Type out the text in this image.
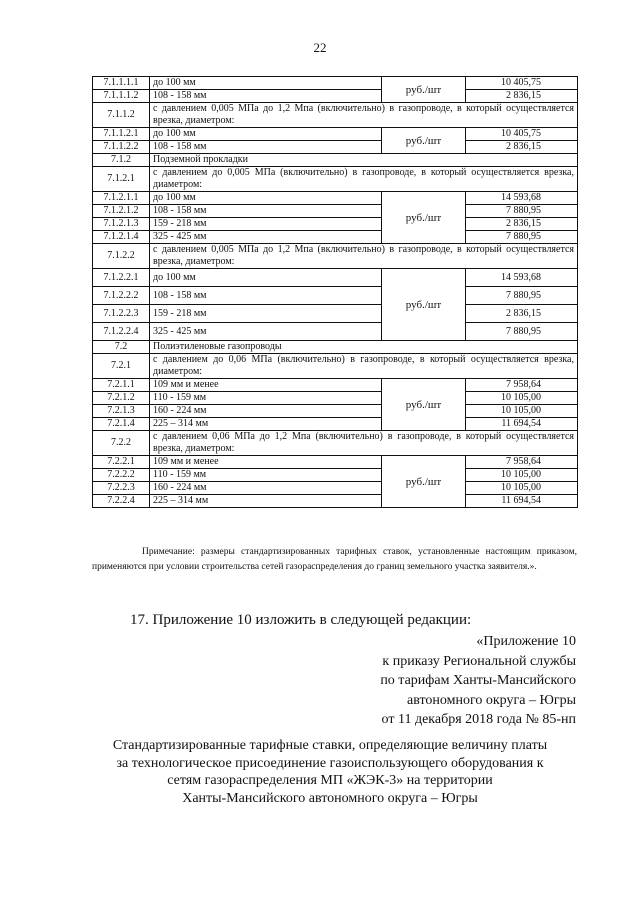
22
7.1.1.1.1	до 100 мм	руб./шт	10 405,75
7.1.1.1.2	108 - 158 мм		2 836,15
7.1.1.2	с давлением 0,005 МПа до 1,2 Мпа (включительно) в газопроводе, в который осуществляется врезка, диаметром:		
7.1.1.2.1	до 100 мм	руб./шт	10 405,75
7.1.1.2.2	108 - 158 мм		2 836,15
7.1.2	Подземной прокладки		
7.1.2.1	с давлением до 0,005 МПа (включительно) в газопроводе, в который осуществляется врезка, диаметром:		
7.1.2.1.1	до 100 мм	руб./шт	14 593,68
7.1.2.1.2	108 - 158 мм		7 880,95
7.1.2.1.3	159 - 218 мм		2 836,15
7.1.2.1.4	325 - 425 мм		7 880,95
7.1.2.2	с давлением 0,005 МПа до 1,2 Мпа (включительно) в газопроводе, в который осуществляется врезка, диаметром:		
7.1.2.2.1	до 100 мм	руб./шт	14 593,68
7.1.2.2.2	108 - 158 мм		7 880,95
7.1.2.2.3	159 - 218 мм		2 836,15
7.1.2.2.4	325 - 425 мм		7 880,95
7.2	Полиэтиленовые газопроводы		
7.2.1	с давлением до 0,06 МПа (включительно) в газопроводе, в который осуществляется врезка, диаметром:		
7.2.1.1	109 мм и менее	руб./шт	7 958,64
7.2.1.2	110 - 159 мм		10 105,00
7.2.1.3	160 - 224 мм		10 105,00
7.2.1.4	225 – 314 мм		11 694,54
7.2.2	с давлением 0,06 МПа до 1,2 Мпа (включительно) в газопроводе, в который осуществляется врезка, диаметром:		
7.2.2.1	109 мм и менее	руб./шт	7 958,64
7.2.2.2	110 - 159 мм		10 105,00
7.2.2.3	160 - 224 мм		10 105,00
7.2.2.4	225 – 314 мм		11 694,54
Примечание: размеры стандартизированных тарифных ставок, установленные настоящим приказом, применяются при условии строительства сетей газораспределения до границ земельного участка заявителя.».
17. Приложение 10 изложить в следующей редакции:
«Приложение 10
к приказу Региональной службы
по тарифам Ханты-Мансийского
автономного округа – Югры
от 11 декабря 2018 года № 85-нп
Стандартизированные тарифные ставки, определяющие величину платы
за технологическое присоединение газоиспользующего оборудования к
сетям газораспределения МП «ЖЭК-3» на территории
Ханты-Мансийского автономного округа – Югры
